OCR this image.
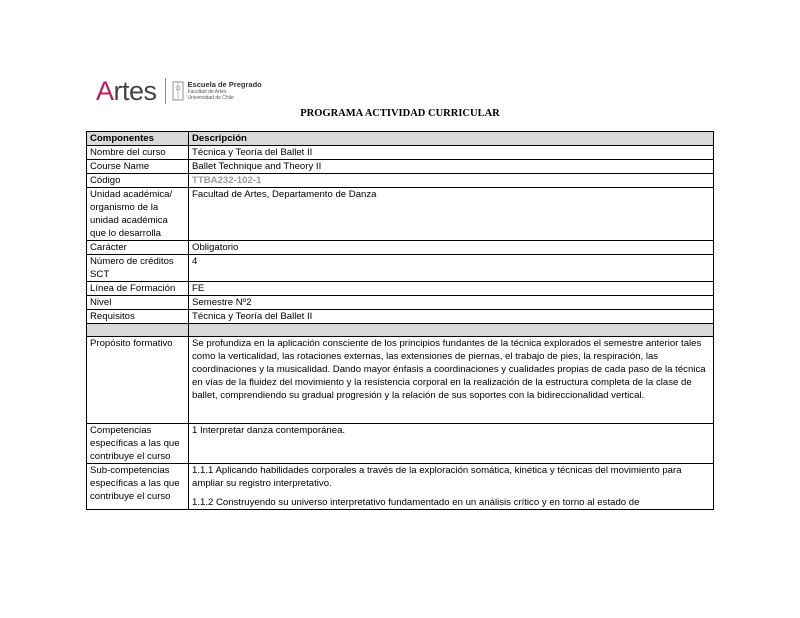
Artes	Escuela de Pregrado
Facultad de Artes
Universidad de Chile
PROGRAMA ACTIVIDAD CURRICULAR
Componentes	Descripción
Nombre del curso	Técnica y Teoría del Ballet II
Course Name	Ballet Technique and Theory II
Código	TTBA232-102-1
Unidad académica/ organismo de la unidad académica que lo desarrolla	Facultad de Artes, Departamento de Danza
Carácter	Obligatorio
Número de créditos SCT	4
Línea de Formación	FE
Nivel	Semestre Nº2
Requisitos	Técnica y Teoría del Ballet II

Propósito formativo	Se profundiza en la aplicación consciente de los principios fundantes de la técnica explorados el semestre anterior tales como la verticalidad, las rotaciones externas, las extensiones de piernas, el trabajo de pies, la respiración, las coordinaciones y la musicalidad. Dando mayor énfasis a coordinaciones y cualidades propias de cada paso de la técnica en vías de la fluidez del movimiento y la resistencia corporal en la realización de la estructura completa de la clase de ballet, comprendiendo su gradual progresión y la relación de sus soportes con la bidireccionalidad vertical.
Competencias específicas a las que contribuye el curso	1 Interpretar danza contemporánea.
Sub-competencias específicas a las que contribuye el curso	1.1.1 Aplicando habilidades corporales a través de la exploración somática, kinética y técnicas del movimiento para ampliar su registro interpretativo.

1.1.2 Construyendo su universo interpretativo fundamentado en un análisis crítico y en torno al estado de
